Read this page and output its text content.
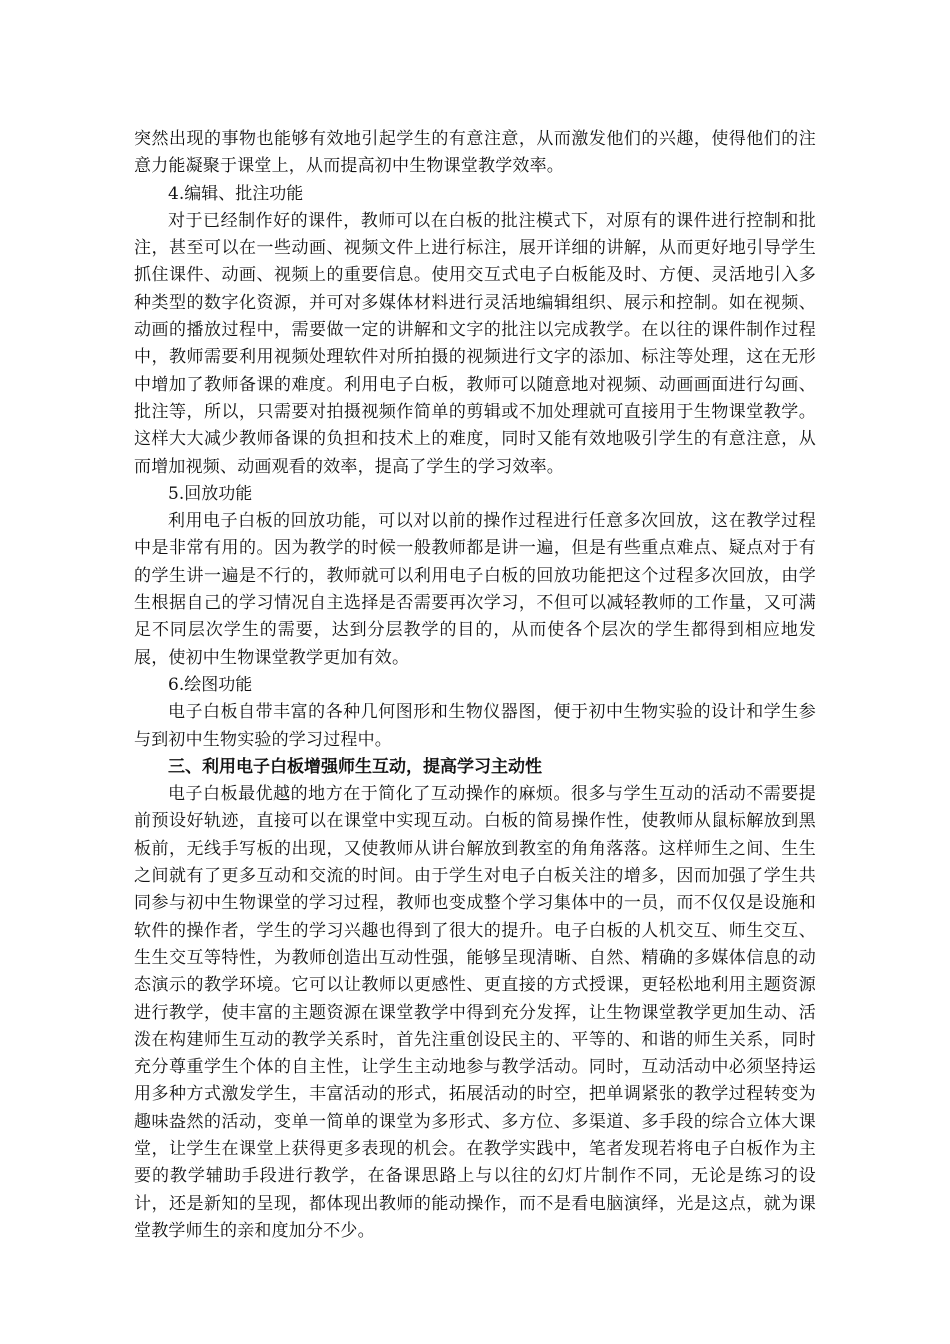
突然出现的事物也能够有效地引起学生的有意注意，从而激发他们的兴趣，使得他们的注意力能凝聚于课堂上，从而提高初中生物课堂教学效率。

4.编辑、批注功能

对于已经制作好的课件，教师可以在白板的批注模式下，对原有的课件进行控制和批注，甚至可以在一些动画、视频文件上进行标注，展开详细的讲解，从而更好地引导学生抓住课件、动画、视频上的重要信息。使用交互式电子白板能及时、方便、灵活地引入多种类型的数字化资源，并可对多媒体材料进行灵活地编辑组织、展示和控制。如在视频、动画的播放过程中，需要做一定的讲解和文字的批注以完成教学。在以往的课件制作过程中，教师需要利用视频处理软件对所拍摄的视频进行文字的添加、标注等处理，这在无形中增加了教师备课的难度。利用电子白板，教师可以随意地对视频、动画画面进行勾画、批注等，所以，只需要对拍摄视频作简单的剪辑或不加处理就可直接用于生物课堂教学。这样大大减少教师备课的负担和技术上的难度，同时又能有效地吸引学生的有意注意，从而增加视频、动画观看的效率，提高了学生的学习效率。

5.回放功能

利用电子白板的回放功能，可以对以前的操作过程进行任意多次回放，这在教学过程中是非常有用的。因为教学的时候一般教师都是讲一遍，但是有些重点难点、疑点对于有的学生讲一遍是不行的，教师就可以利用电子白板的回放功能把这个过程多次回放，由学生根据自己的学习情况自主选择是否需要再次学习，不但可以减轻教师的工作量，又可满足不同层次学生的需要，达到分层教学的目的，从而使各个层次的学生都得到相应地发展，使初中生物课堂教学更加有效。

6.绘图功能

电子白板自带丰富的各种几何图形和生物仪器图，便于初中生物实验的设计和学生参与到初中生物实验的学习过程中。

三、利用电子白板增强师生互动，提高学习主动性

电子白板最优越的地方在于简化了互动操作的麻烦。很多与学生互动的活动不需要提前预设好轨迹，直接可以在课堂中实现互动。白板的简易操作性，使教师从鼠标解放到黑板前，无线手写板的出现，又使教师从讲台解放到教室的角角落落。这样师生之间、生生之间就有了更多互动和交流的时间。由于学生对电子白板关注的增多，因而加强了学生共同参与初中生物课堂的学习过程，教师也变成整个学习集体中的一员，而不仅仅是设施和软件的操作者，学生的学习兴趣也得到了很大的提升。电子白板的人机交互、师生交互、生生交互等特性，为教师创造出互动性强，能够呈现清晰、自然、精确的多媒体信息的动态演示的教学环境。它可以让教师以更感性、更直接的方式授课，更轻松地利用主题资源进行教学，使丰富的主题资源在课堂教学中得到充分发挥，让生物课堂教学更加生动、活泼在构建师生互动的教学关系时，首先注重创设民主的、平等的、和谐的师生关系，同时充分尊重学生个体的自主性，让学生主动地参与教学活动。同时，互动活动中必须坚持运用多种方式激发学生，丰富活动的形式，拓展活动的时空，把单调紧张的教学过程转变为趣味盎然的活动，变单一简单的课堂为多形式、多方位、多渠道、多手段的综合立体大课堂，让学生在课堂上获得更多表现的机会。在教学实践中，笔者发现若将电子白板作为主要的教学辅助手段进行教学，在备课思路上与以往的幻灯片制作不同，无论是练习的设计，还是新知的呈现，都体现出教师的能动操作，而不是看电脑演绎，光是这点，就为课堂教学师生的亲和度加分不少。
